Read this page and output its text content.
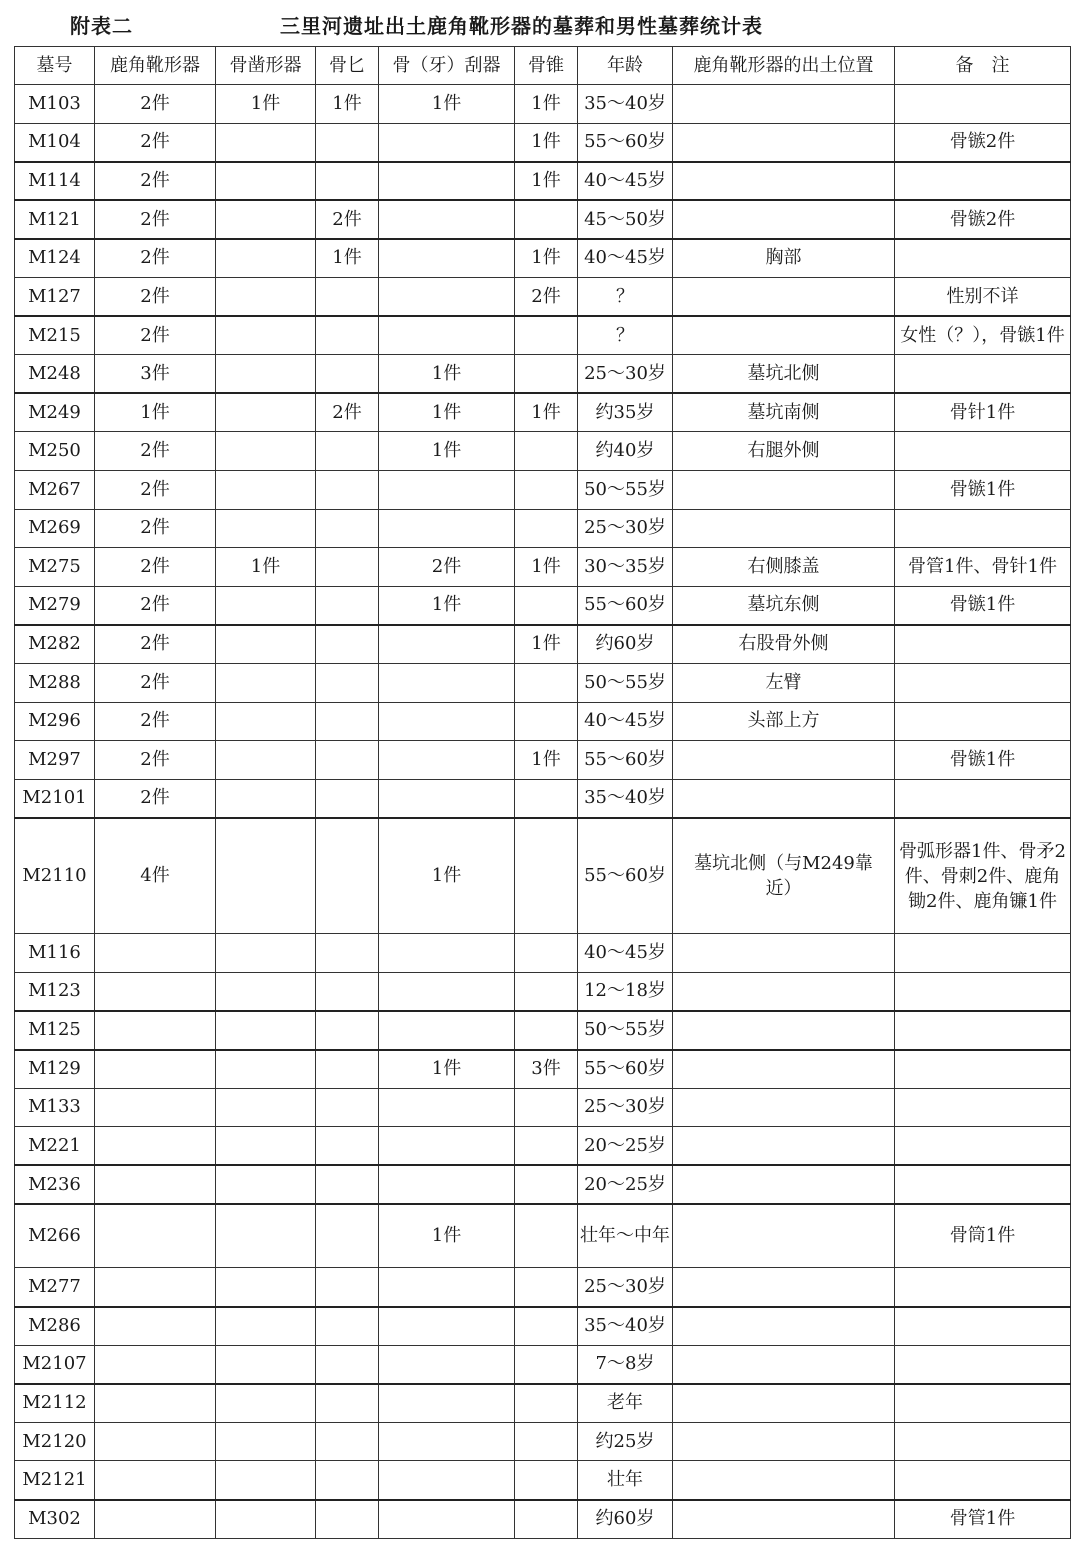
附表二	三里河遗址出土鹿角靴形器的墓葬和男性墓葬统计表
墓号	鹿角靴形器	骨凿形器	骨匕	骨（牙）刮器	骨锥	年龄	鹿角靴形器的出土位置	备　注
M103	2件	1件	1件	1件	1件	35～40岁		
M104	2件				1件	55～60岁		骨镞2件
M114	2件				1件	40～45岁		
M121	2件		2件			45～50岁		骨镞2件
M124	2件		1件		1件	40～45岁	胸部	
M127	2件				2件	？		性别不详
M215	2件					？		女性（？），骨镞1件
M248	3件			1件		25～30岁	墓坑北侧	
M249	1件		2件	1件	1件	约35岁	墓坑南侧	骨针1件
M250	2件			1件		约40岁	右腿外侧	
M267	2件					50～55岁		骨镞1件
M269	2件					25～30岁		
M275	2件	1件		2件	1件	30～35岁	右侧膝盖	骨管1件、骨针1件
M279	2件			1件		55～60岁	墓坑东侧	骨镞1件
M282	2件				1件	约60岁	右股骨外侧	
M288	2件					50～55岁	左臂	
M296	2件					40～45岁	头部上方	
M297	2件				1件	55～60岁		骨镞1件
M2101	2件					35～40岁		
M2110	4件			1件		55～60岁	墓坑北侧（与M249靠近）	骨弧形器1件、骨矛2件、骨刺2件、鹿角锄2件、鹿角镰1件
M116						40～45岁		
M123						12～18岁		
M125						50～55岁		
M129				1件	3件	55～60岁		
M133						25～30岁		
M221						20～25岁		
M236						20～25岁		
M266				1件		壮年～中年		骨筒1件
M277						25～30岁		
M286						35～40岁		
M2107						7～8岁		
M2112						老年		
M2120						约25岁		
M2121						壮年		
M302						约60岁		骨管1件
